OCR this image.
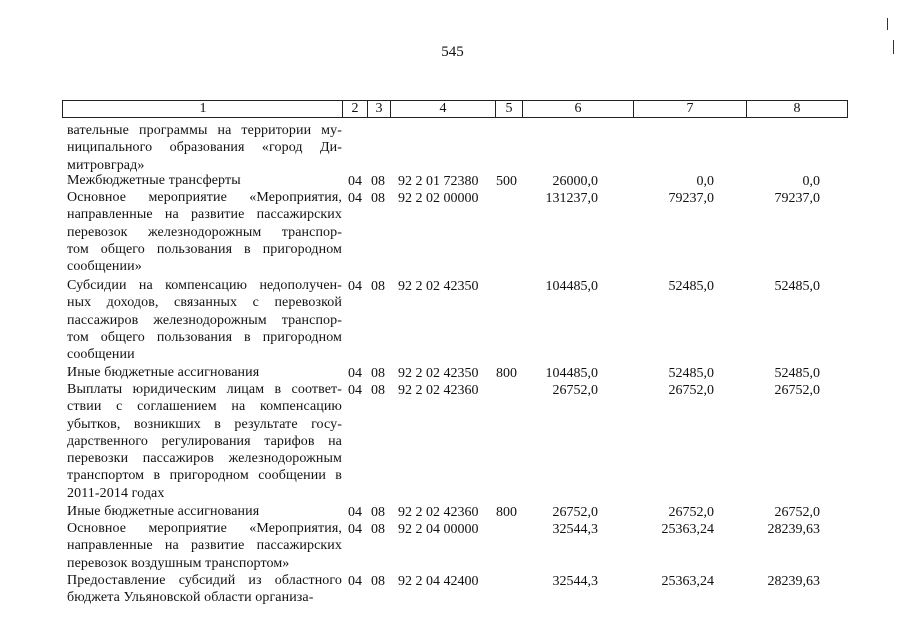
545
1	2	3	4	5	6	7	8
вательные программы на территории му-
ниципального образования «город Ди-
митровград»
Межбюджетные трансферты	04 08 92 2 01 72380 500	26000,0	0,0	0,0
Основное мероприятие «Мероприятия,
направленные на развитие пассажирских
перевозок железнодорожным транспор-
том общего пользования в пригородном
сообщении»
04 08 92 2 02 00000	131237,0	79237,0	79237,0
Субсидии на компенсацию недополучен-
ных доходов, связанных с перевозкой
пассажиров железнодорожным транспор-
том общего пользования в пригородном
сообщении
04 08 92 2 02 42350	104485,0	52485,0	52485,0
Иные бюджетные ассигнования	04 08 92 2 02 42350 800	104485,0	52485,0	52485,0
Выплаты юридическим лицам в соответ-
ствии с соглашением на компенсацию
убытков, возникших в результате госу-
дарственного регулирования тарифов на
перевозки пассажиров железнодорожным
транспортом в пригородном сообщении в
2011-2014 годах
04 08 92 2 02 42360	26752,0	26752,0	26752,0
Иные бюджетные ассигнования	04 08 92 2 02 42360 800	26752,0	26752,0	26752,0
Основное мероприятие «Мероприятия,
направленные на развитие пассажирских
перевозок воздушным транспортом»
04 08 92 2 04 00000	32544,3	25363,24	28239,63
Предоставление субсидий из областного
бюджета Ульяновской области организа-
04 08 92 2 04 42400	32544,3	25363,24	28239,63
